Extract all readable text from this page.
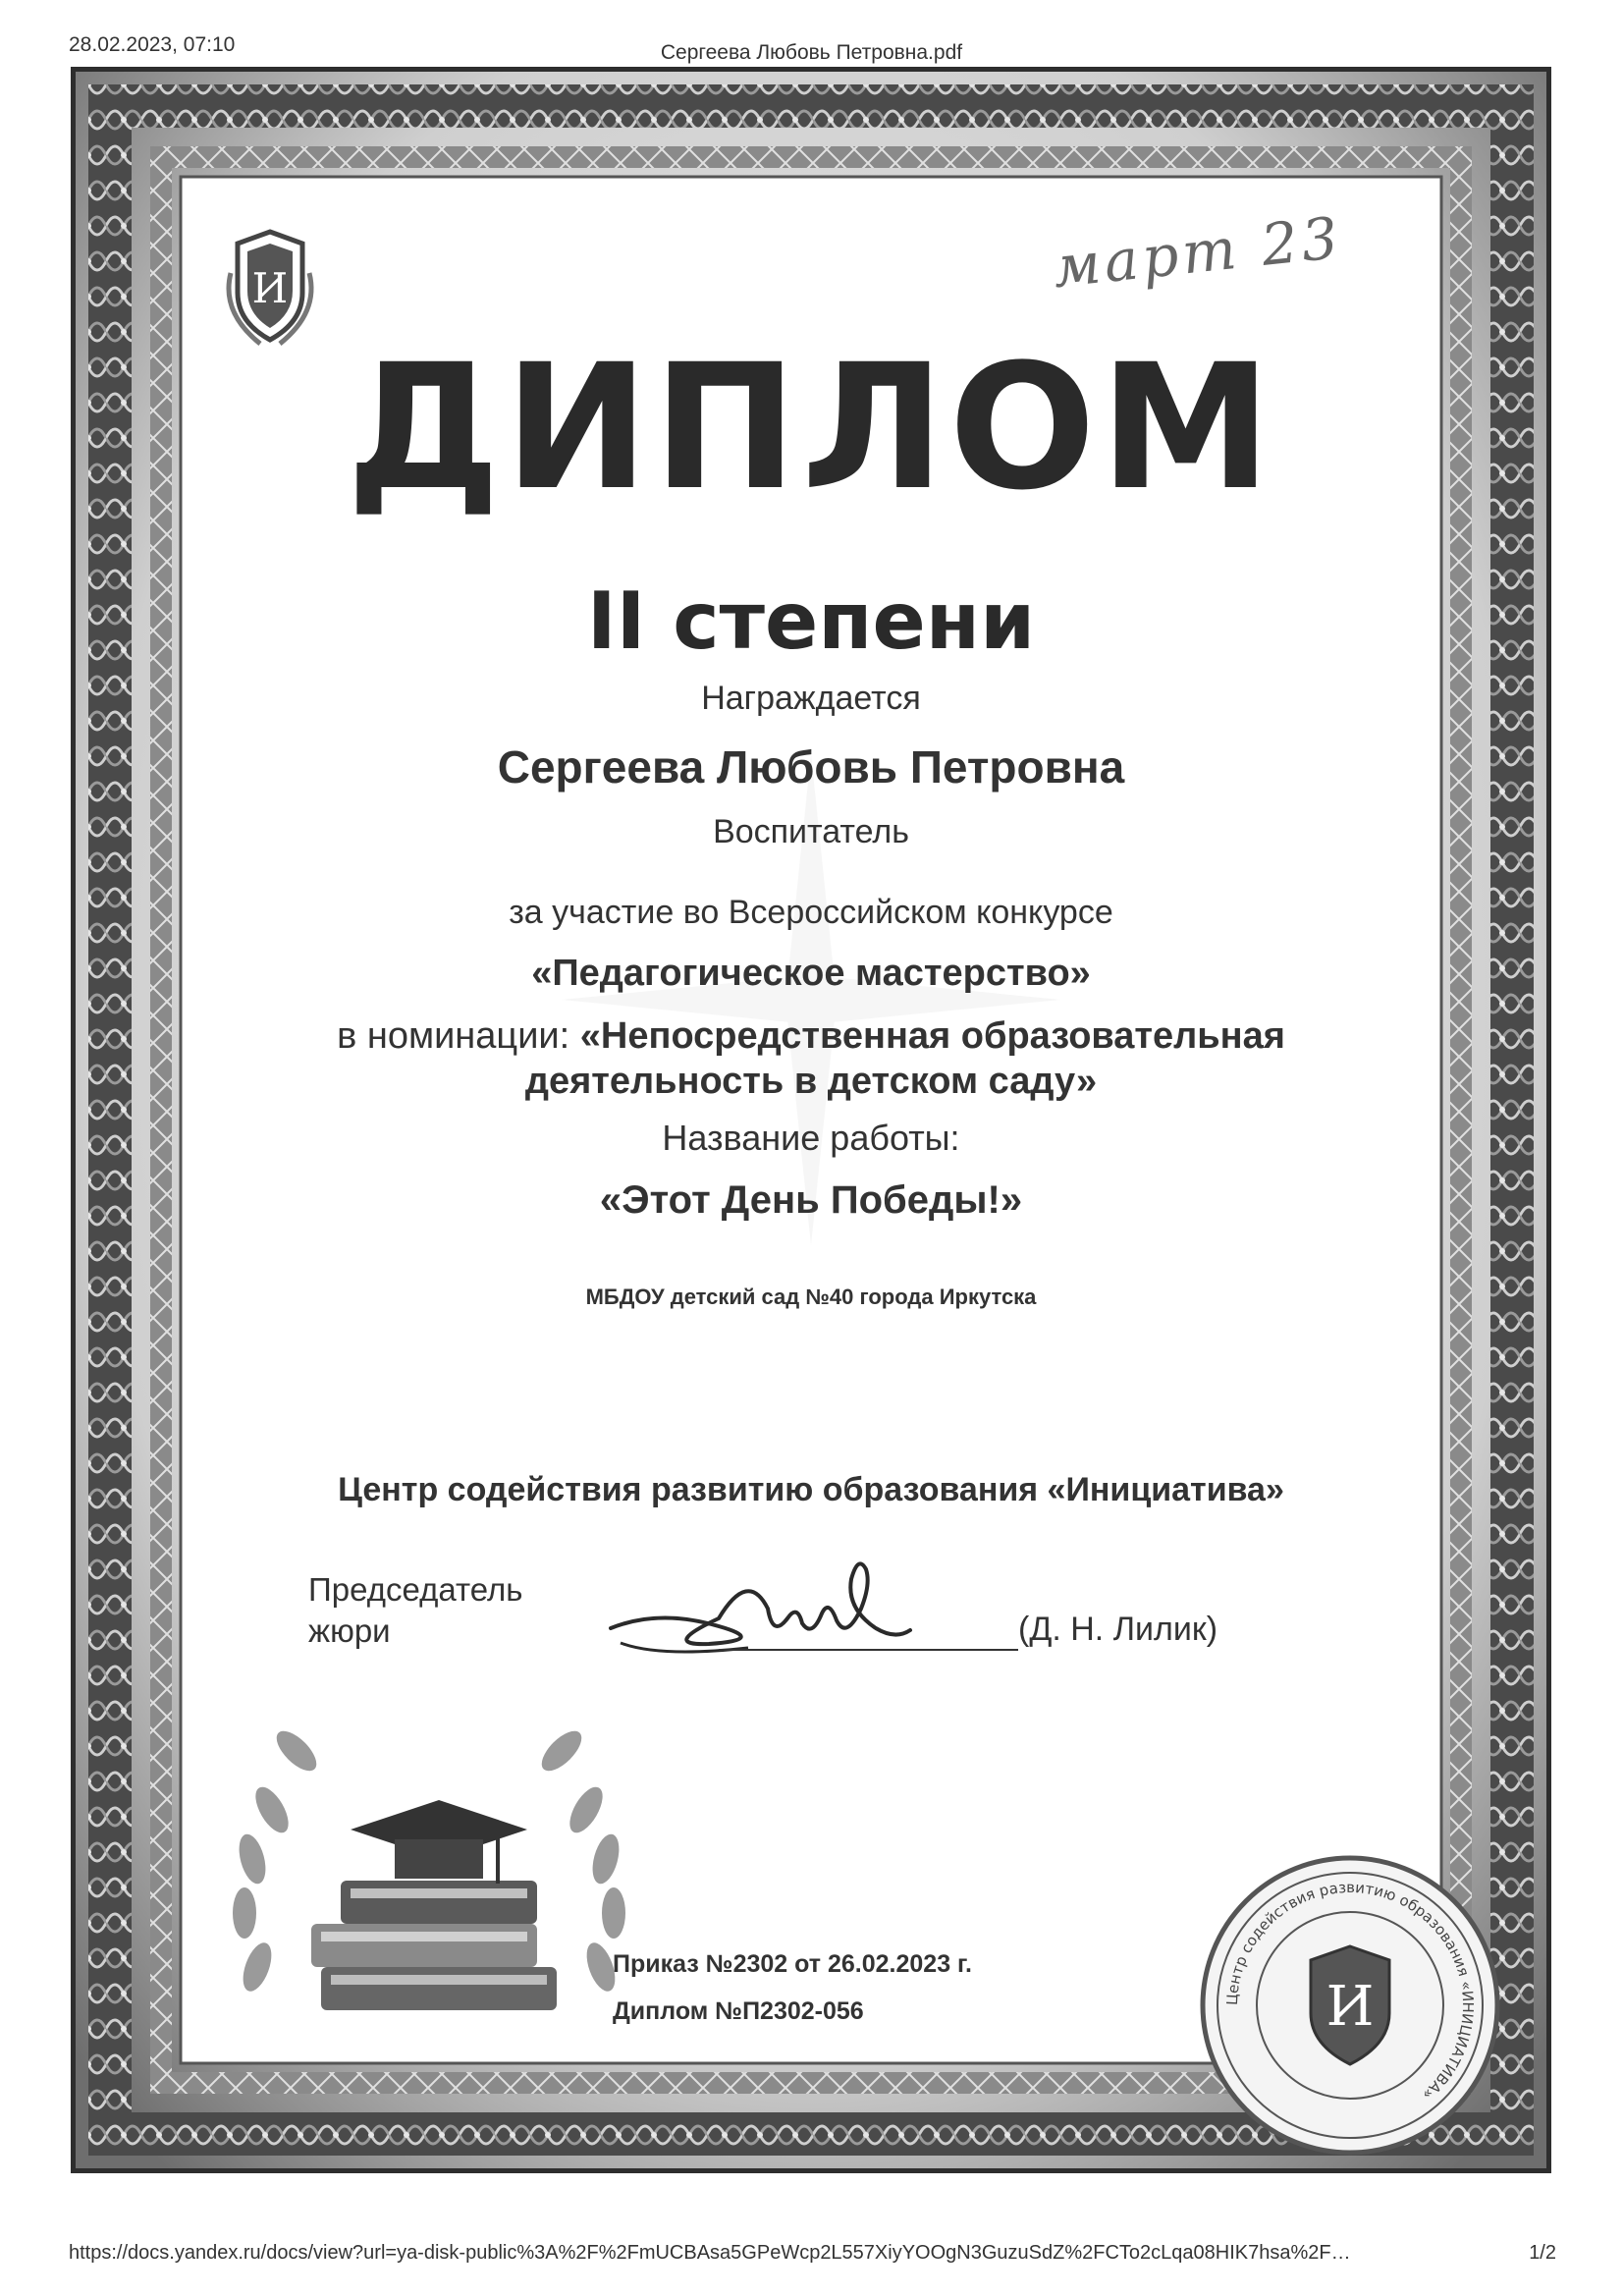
28.02.2023, 07:10	Сергеева Любовь Петровна.pdf
март 23
И
ДИПЛОМ
II степени
Награждается
Сергеева Любовь Петровна
Воспитатель
за участие во Всероссийском конкурсе
«Педагогическое мастерство»
в номинации: «Непосредственная образовательная
деятельность в детском саду»
Название работы:
«Этот День Победы!»
МБДОУ детский сад №40 города Иркутска
Центр содействия развитию образования «Инициатива»
Председатель
жюри	(Д. Н. Лилик)
Приказ №2302 от 26.02.2023 г.
Диплом №П2302-056	Центр содействия развитию образования «ИНИЦИАТИВА»
И
https://docs.yandex.ru/docs/view?url=ya-disk-public%3A%2F%2FmUCBAsa5GPeWcp2L557XiyYOOgN3GuzuSdZ%2FCTo2cLqa08HIK7hsa%2F…	1/2
